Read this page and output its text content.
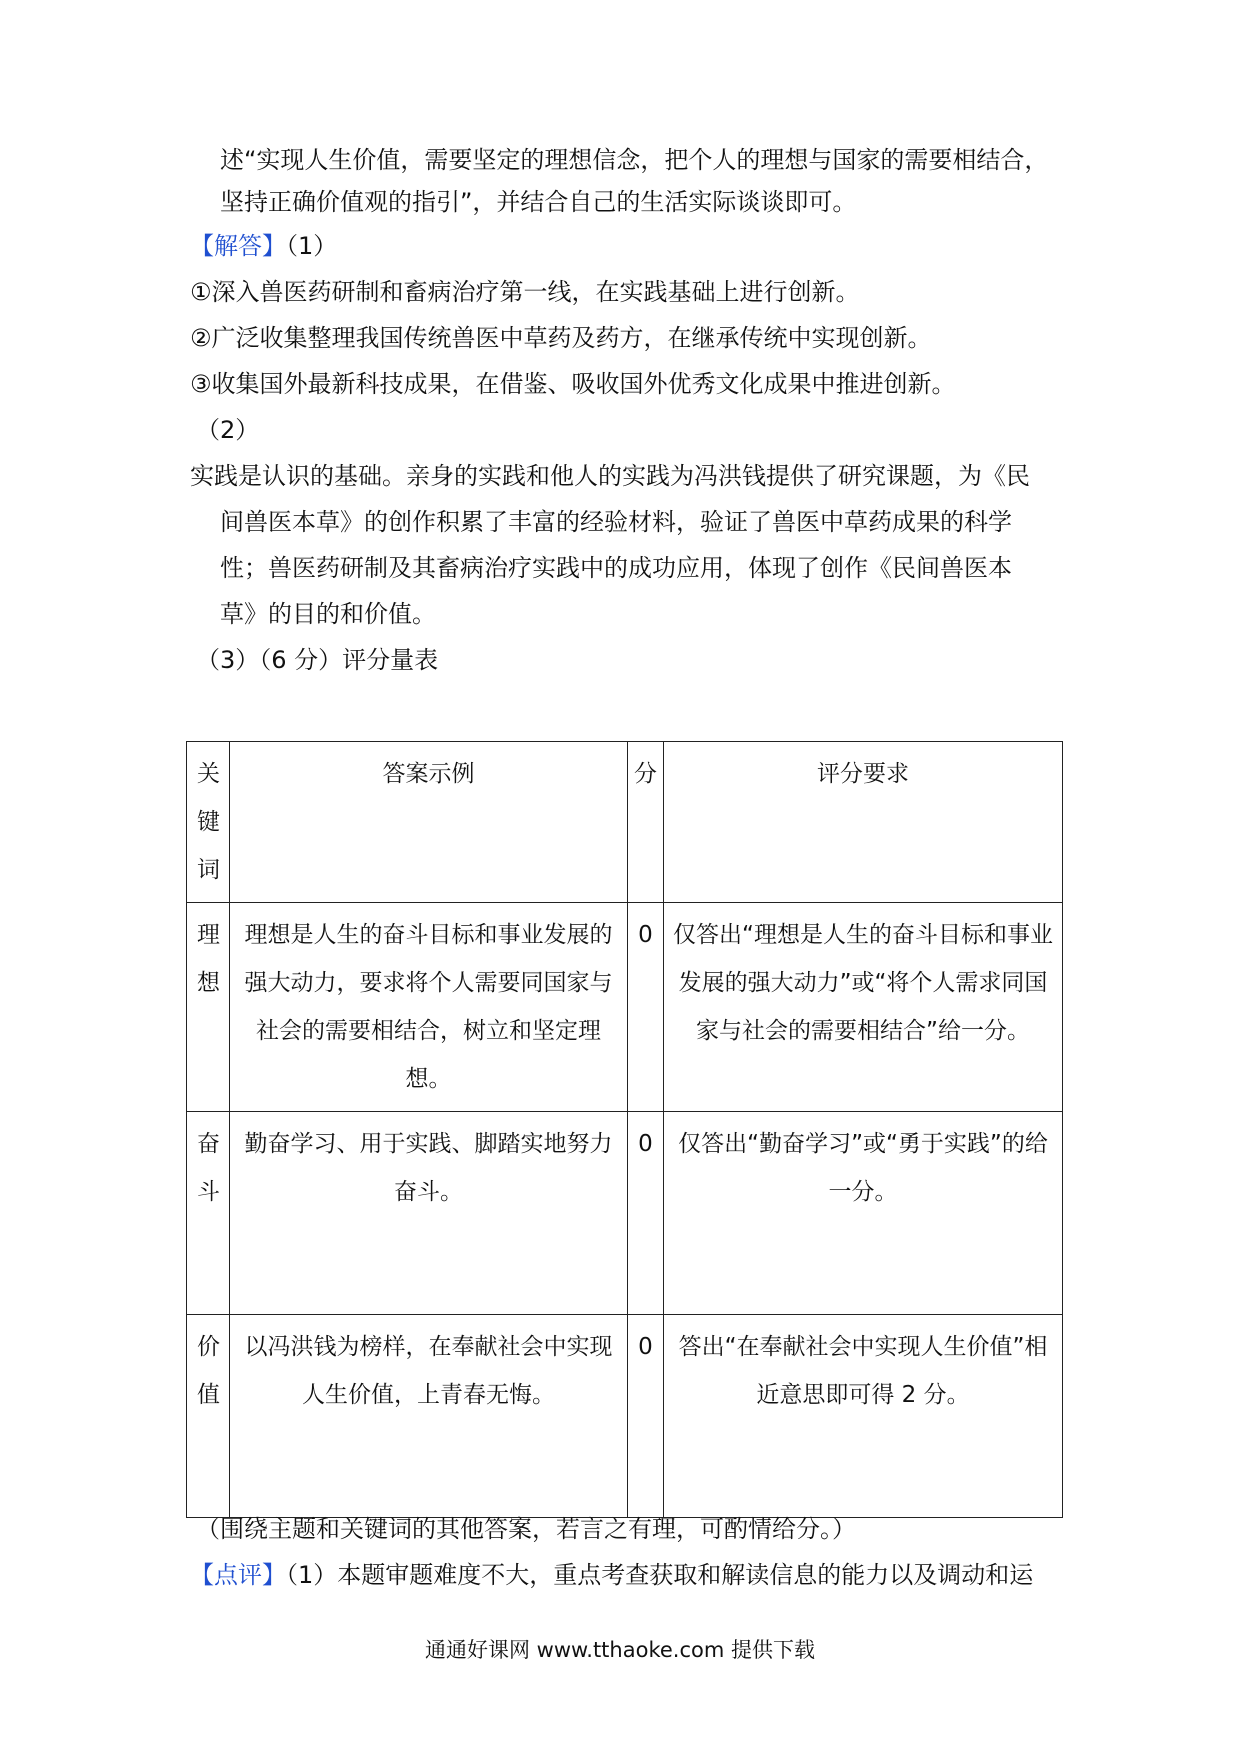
述“实现人生价值，需要坚定的理想信念，把个人的理想与国家的需要相结合，
坚持正确价值观的指引”，并结合自己的生活实际谈谈即可。
【解答】（1）
①深入兽医药研制和畜病治疗第一线，在实践基础上进行创新。
②广泛收集整理我国传统兽医中草药及药方，在继承传统中实现创新。
③收集国外最新科技成果，在借鉴、吸收国外优秀文化成果中推进创新。
（2）
实践是认识的基础。亲身的实践和他人的实践为冯洪钱提供了研究课题，为《民
间兽医本草》的创作积累了丰富的经验材料，验证了兽医中草药成果的科学
性；兽医药研制及其畜病治疗实践中的成功应用，体现了创作《民间兽医本
草》的目的和价值。
（3）（6 分）评分量表
关键词	答案示例	分	评分要求

理想	理想是人生的奋斗目标和事业发展的强大动力，要求将个人需要同国家与社会的需要相结合，树立和坚定理想。	0	仅答出“理想是人生的奋斗目标和事业发展的强大动力”或“将个人需求同国家与社会的需要相结合”给一分。

奋斗	勤奋学习、用于实践、脚踏实地努力奋斗。	0	仅答出“勤奋学习”或“勇于实践”的给一分。

价值	以冯洪钱为榜样，在奉献社会中实现人生价值，上青春无悔。	0	答出“在奉献社会中实现人生价值”相近意思即可得 2 分。
（围绕主题和关键词的其他答案，若言之有理，可酌情给分。）
【点评】（1）本题审题难度不大，重点考查获取和解读信息的能力以及调动和运
通通好课网 www.tthaoke.com 提供下载
